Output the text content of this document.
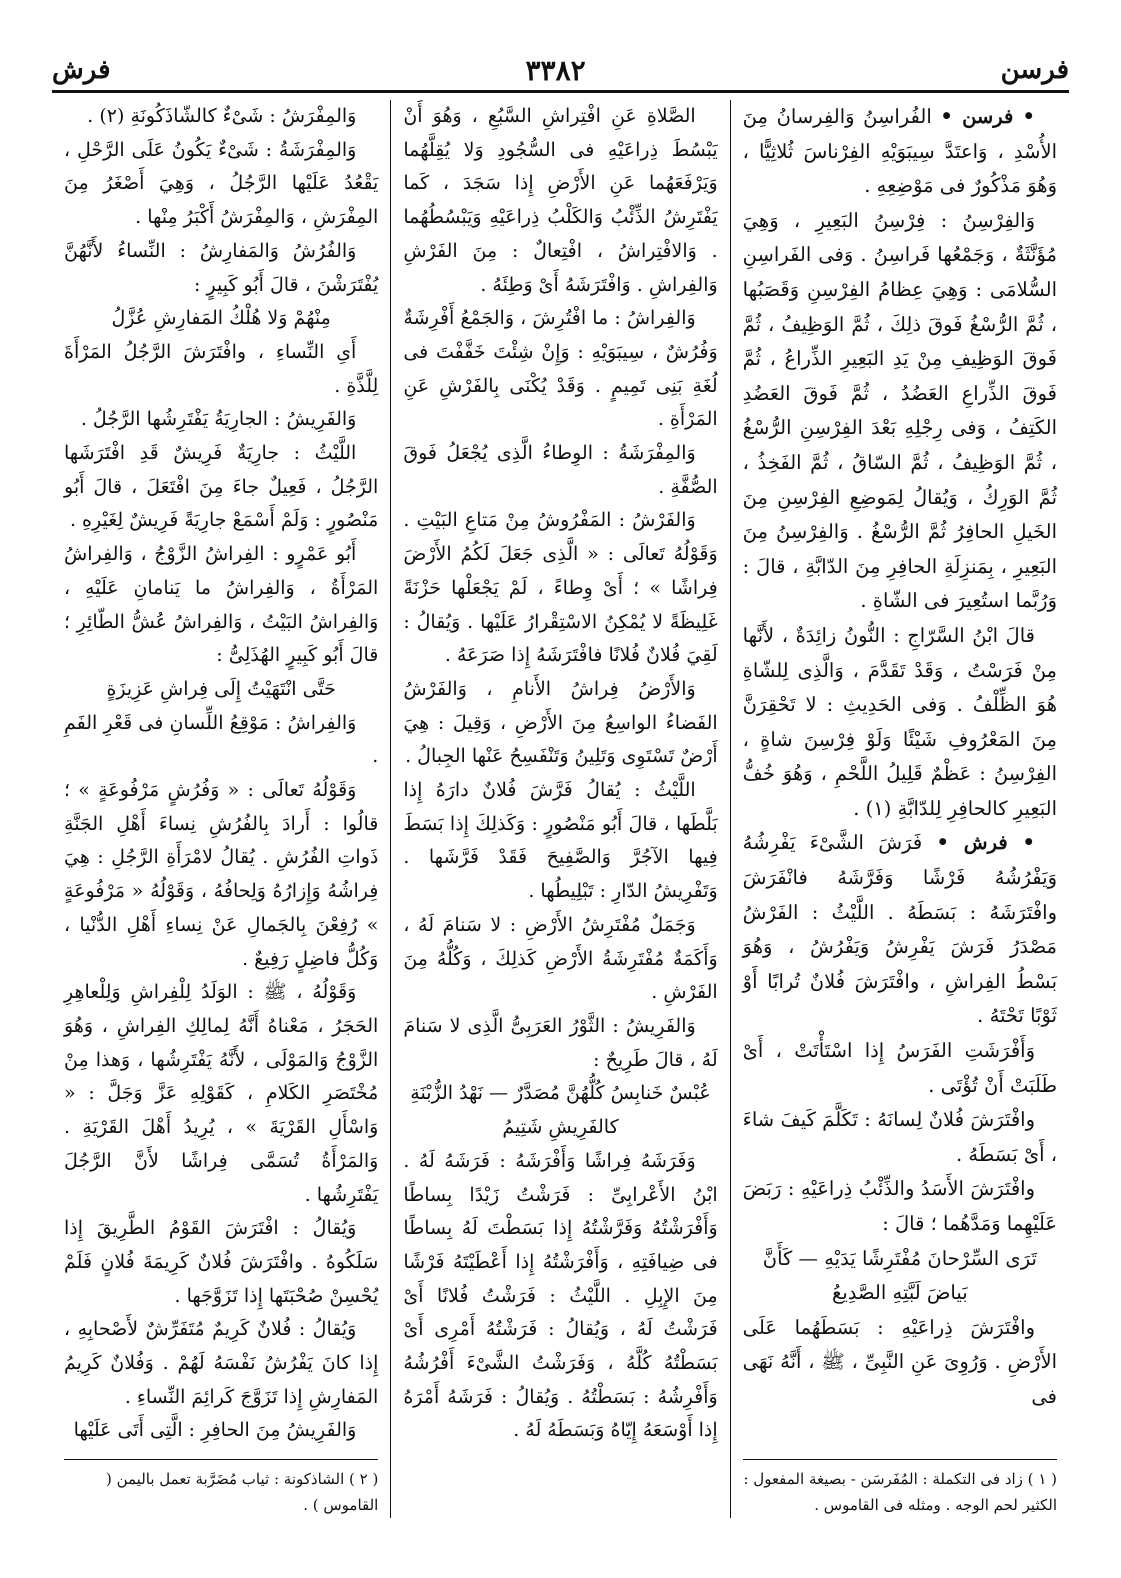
فرسن
٣٣٨٢
فرش

• فرسن • الفُراسِنُ وَالفِرسانُ مِنَ الأُسْدِ ، وَاعتَدَّ سِيبَوَيْهِ الفِرْناسَ ثُلاثِيًّا ، وَهُوَ مَذْكُورٌ فى مَوْضِعِهِ .

وَالفِرْسِنُ : فِرْسِنُ البَعِيرِ ، وَهِيَ مُؤَنَّثَةٌ ، وَجَمْعُها فَراسِنُ . وَفى الفَراسِنِ السُّلامَى : وَهِيَ عِظامُ الفِرْسِنِ وَقَصَبُها ، ثُمَّ الرُّسْغُ فَوقَ ذلِكَ ، ثُمَّ الوَظِيفُ ، ثُمَّ فَوقَ الوَظِيفِ مِنْ يَدِ البَعِيرِ الذِّراعُ ، ثُمَّ فَوقَ الذِّراعِ العَضُدُ ، ثُمَّ فَوقَ العَضُدِ الكَتِفُ ، وَفى رِجْلِهِ بَعْدَ الفِرْسِنِ الرُّسْغُ ، ثُمَّ الوَظِيفُ ، ثُمَّ السّاقُ ، ثُمَّ الفَخِذُ ، ثُمَّ الوَرِكُ ، وَيُقالُ لِمَوضِعِ الفِرْسِنِ مِنَ الخَيلِ الحافِرُ ثُمَّ الرُّسْغُ . وَالفِرْسِنُ مِنَ البَعِيرِ ، بِمَنزِلَةِ الحافِرِ مِنَ الدّابَّةِ ، قالَ : وَرُبَّما استُعِيرَ فى الشّاةِ .

قالَ ابْنُ السَّرّاجِ : النُّونُ زائِدَةٌ ، لأَنَّها مِنْ فَرَسْتُ ، وَقَدْ تَقَدَّمَ ، وَالَّذِى لِلشّاةِ هُوَ الظِّلْفُ . وَفى الحَدِيثِ : لا تَحْقِرَنَّ مِنَ المَعْرُوفِ شَيْئًا وَلَوْ فِرْسِنَ شاةٍ ، الفِرْسِنُ : عَظْمٌ قَلِيلُ اللَّحْمِ ، وَهُوَ خُفُّ البَعِيرِ كالحافِرِ لِلدّابَّةِ (١) .

• فرش • فَرَشَ الشَّىْءَ يَفْرِشُهُ وَيَفْرُشُهُ فَرْشًا وَفَرَّشَهُ فانْفَرَشَ وافْتَرَشَهُ : بَسَطَهُ . اللَّيْثُ : الفَرْشُ مَصْدَرُ فَرَشَ يَفْرِشُ وَيَفْرُشُ ، وَهُوَ بَسْطُ الفِراشِ ، وافْتَرَشَ فُلانٌ تُرابًا أَوْ ثَوْبًا تَحْتَهُ .

وَأَفْرَشَتِ الفَرَسُ إِذا اسْتَأْتَتْ ، أَىْ طَلَبَتْ أَنْ تُؤْتَى .

وافْتَرَشَ فُلانٌ لِسانَهُ : تَكَلَّمَ كَيفَ شاءَ ، أَىْ بَسَطَهُ .

وافْتَرَشَ الأَسَدُ والذِّئْبُ ذِراعَيْهِ : رَبَضَ عَلَيْهِما وَمَدَّهُما ؛ قالَ :

تَرَى السِّرْحانَ مُفْتَرِشًا يَدَيْهِ — كَأَنَّ بَياضَ لَبَّتِهِ الصَّدِيعُ

وافْتَرَشَ ذِراعَيْهِ : بَسَطَهُما عَلَى الأَرْضِ . وَرُوِىَ عَنِ النَّبِىِّ ، ﷺ ، أَنَّهُ نَهَى فى

( ١ ) زاد فى التكملة : المُفَرسَن - بصيغة المفعول : الكثير لحم الوجه . ومثله فى القاموس .

الصَّلاةِ عَنِ افْتِراشِ السَّبُعِ ، وَهُوَ أَنْ يَبْسُطَ ذِراعَيْهِ فى السُّجُودِ وَلا يُقِلَّهُما وَيَرْفَعَهُما عَنِ الأَرْضِ إِذا سَجَدَ ، كَما يَفْتَرِشُ الذِّئْبُ وَالكَلْبُ ذِراعَيْهِ وَيَبْسُطُهُما . وَالافْتِراشُ ، افْتِعالٌ : مِنَ الفَرْشِ وَالفِراشِ . وَافْتَرَشَهُ أَىْ وَطِئَهُ .

وَالفِراشُ : ما افْتُرِشَ ، وَالجَمْعُ أَفْرِشَةٌ وَفُرُشٌ ، سِيبَوَيْهِ : وَإِنْ شِئْتَ خَفَّفْتَ فى لُغَةِ بَنِى تَمِيمٍ . وَقَدْ يُكْنَى بِالفَرْشِ عَنِ المَرْأَةِ .

وَالمِفْرَشَةُ : الوِطاءُ الَّذِى يُجْعَلُ فَوقَ الصُّفَّةِ .

وَالفَرْشُ : المَفْرُوشُ مِنْ مَتاعِ البَيْتِ . وَقَوْلُهُ تَعالَى : « الَّذِى جَعَلَ لَكُمُ الأَرْضَ فِراشًا » ؛ أَىْ وِطاءً ، لَمْ يَجْعَلْها حَزْنَةً غَلِيظَةً لا يُمْكِنُ الاسْتِقْرارُ عَلَيْها . وَيُقالُ : لَقِيَ فُلانٌ فُلانًا فافْتَرَشَهُ إِذا صَرَعَهُ .

وَالأَرْضُ فِراشُ الأَنامِ ، وَالفَرْشُ الفَضاءُ الواسِعُ مِنَ الأَرْضِ ، وَقِيلَ : هِيَ أَرْضٌ تَسْتَوِى وَتَلِينُ وَتَنْفَسِحُ عَنْها الجِبالُ .

اللَّيْثُ : يُقالُ فَرَّشَ فُلانٌ دارَهُ إِذا بَلَّطَها ، قالَ أَبُو مَنْصُورٍ : وَكَذلِكَ إِذا بَسَطَ فِيها الآجُرَّ وَالصَّفِيحَ فَقَدْ فَرَّشَها . وَتَفْرِيشُ الدّارِ : تَبْلِيطُها .

وَجَمَلٌ مُفْتَرِشُ الأَرْضِ : لا سَنامَ لَهُ ، وَأَكَمَةٌ مُفْتَرِشَةُ الأَرْضِ كَذلِكَ ، وَكُلُّهُ مِنَ الفَرْشِ .

وَالفَرِيشُ : الثَّوْرُ العَرَبِىُّ الَّذِى لا سَنامَ لَهُ ، قالَ طَرِيحٌ :

عُبْسٌ خَنابِسُ كُلُّهُنَّ مُصَدَّرٌ — نَهْدُ الزُّبْنَةِ كالفَرِيشِ شَتِيمُ

وَفَرَشَهُ فِراشًا وَأَفْرَشَهُ : فَرَشَهُ لَهُ . ابْنُ الأَعْرابِىِّ : فَرَشْتُ زَيْدًا بِساطًا وَأَفْرَشْتُهُ وَفَرَّشْتُهُ إِذا بَسَطْتَ لَهُ بِساطًا فى ضِيافَتِهِ ، وَأَفْرَشْتُهُ إِذا أَعْطَيْتَهُ فَرْشًا مِنَ الإِبِلِ . اللَّيْثُ : فَرَشْتُ فُلانًا أَىْ فَرَشْتُ لَهُ ، وَيُقالُ : فَرَشْتُهُ أَمْرِى أَىْ بَسَطْتُهُ كُلَّهُ ، وَفَرَشْتُ الشَّىْءَ أَفْرُشُهُ وَأَفْرِشُهُ : بَسَطْتُهُ . وَيُقالُ : فَرَشَهُ أَمْرَهُ إِذا أَوْسَعَهُ إِيّاهُ وَبَسَطَهُ لَهُ .

وَالمِفْرَشُ : شَىْءٌ كالشّاذَكُونَةِ (٢) .

وَالمِفْرَشَةُ : شَىْءٌ يَكُونُ عَلَى الرَّحْلِ ، يَقْعُدُ عَلَيْها الرَّجُلُ ، وَهِيَ أَصْغَرُ مِنَ المِفْرَشِ ، وَالمِفْرَشُ أَكْبَرُ مِنْها .

وَالفُرُشُ وَالمَفارِشُ : النِّساءُ لأَنَّهُنَّ يُفْتَرَشْنَ ، قالَ أَبُو كَبِيرٍ :

مِنْهُمْ وَلا هُلْكُ المَفارِشِ عُزَّلُ

أَىِ النِّساءِ ، وافْتَرَشَ الرَّجُلُ المَرْأَةَ لِلَّذَّةِ .

وَالفَرِيشُ : الجارِيَةُ يَفْتَرِشُها الرَّجُلُ .

اللَّيْثُ : جارِيَةٌ فَرِيشٌ قَدِ افْتَرَشَها الرَّجُلُ ، فَعِيلٌ جاءَ مِنَ افْتَعَلَ ، قالَ أَبُو مَنْصُورٍ : وَلَمْ أَسْمَعْ جارِيَةً فَرِيشٌ لِغَيْرِهِ .

أَبُو عَمْرٍو : الفِراشُ الزَّوْجُ ، وَالفِراشُ المَرْأَةُ ، وَالفِراشُ ما يَنامانِ عَلَيْهِ ، وَالفِراشُ البَيْتُ ، وَالفِراشُ عُشُّ الطّائِرِ ؛ قالَ أَبُو كَبِيرٍ الهُذَلِىُّ :

حَتَّى انْتَهَيْتُ إِلَى فِراشِ عَزِيزَةٍ

وَالفِراشُ : مَوْقِعُ اللِّسانِ فى قَعْرِ الفَمِ .

وَقَوْلُهُ تَعالَى : « وَفُرُشٍ مَرْفُوعَةٍ » ؛ قالُوا : أَرادَ بِالفُرُشِ نِساءَ أَهْلِ الجَنَّةِ ذَواتِ الفُرُشِ . يُقالُ لامْرَأَةِ الرَّجُلِ : هِيَ فِراشُهُ وَإِزارُهُ وَلِحافُهُ ، وَقَوْلُهُ « مَرْفُوعَةٍ » رُفِعْنَ بِالجَمالِ عَنْ نِساءِ أَهْلِ الدُّنْيا ، وَكُلُّ فاضِلٍ رَفِيعٌ .

وَقَوْلُهُ ، ﷺ : الوَلَدُ لِلْفِراشِ وَلِلْعاهِرِ الحَجَرُ ، مَعْناهُ أَنَّهُ لِمالِكِ الفِراشِ ، وَهُوَ الزَّوْجُ وَالمَوْلَى ، لأَنَّهُ يَفْتَرِشُها ، وَهذا مِنْ مُخْتَصَرِ الكَلامِ ، كَقَوْلِهِ عَزَّ وَجَلَّ : « وَاسْأَلِ القَرْيَةَ » ، يُرِيدُ أَهْلَ القَرْيَةِ . وَالمَرْأَةُ تُسَمَّى فِراشًا لأَنَّ الرَّجُلَ يَفْتَرِشُها .

وَيُقالُ : افْتَرَشَ القَوْمُ الطَّرِيقَ إِذا سَلَكُوهُ . وافْتَرَشَ فُلانٌ كَرِيمَةَ فُلانٍ فَلَمْ يُحْسِنْ صُحْبَتَها إِذا تَزَوَّجَها .

وَيُقالُ : فُلانٌ كَرِيمٌ مُتَفَرِّشٌ لأَصْحابِهِ ، إِذا كانَ يَفْرُشُ نَفْسَهُ لَهُمْ . وَفُلانٌ كَرِيمُ المَفارِشِ إِذا تَزَوَّجَ كَرائِمَ النِّساءِ .

وَالفَرِيشُ مِنَ الحافِرِ : الَّتِى أَتَى عَلَيْها

( ٢ ) الشاذكونة : ثياب مُضَرَّبة تعمل باليمن ( القاموس ) .
